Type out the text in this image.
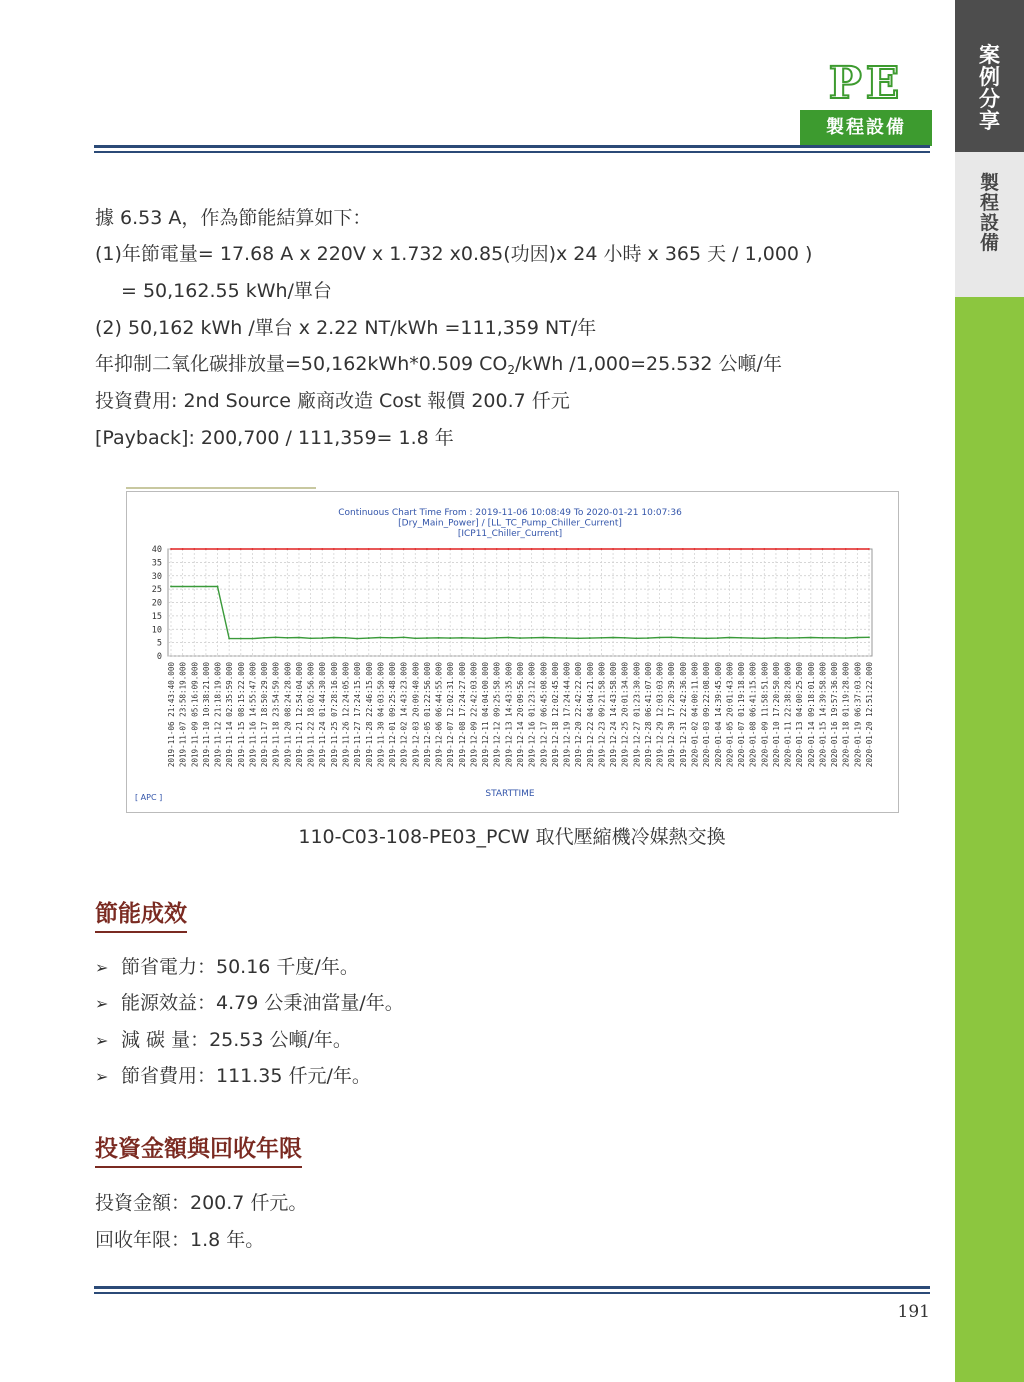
案
例
分
享
製
程
設
備
PE
製程設備
據 6.53 A，作為節能結算如下：
(1)年節電量= 17.68 A x 220V x 1.732 x0.85(功因)x 24 小時 x 365 天 / 1,000 )
= 50,162.55 kWh/單台
(2) 50,162 kWh /單台 x 2.22 NT/kWh =111,359 NT/年
年抑制二氧化碳排放量=50,162kWh*0.509 $CO_2$/kWh /1,000=25.532 公噸/年
投資費用: 2nd Source 廠商改造 Cost 報價 200.7 仟元
[Payback]: 200,700 / 111,359= 1.8 年
Continuous Chart Time From : 2019-11-06 10:08:49 To 2020-01-21 10:07:36
[Dry_Main_Power] / [LL_TC_Pump_Chiller_Current]
[ICP11_Chiller_Current]
0
5
10
15
20
25
30
35
40
2019-11-06 21:43:40.000 2019-11-07 23:58:19.000 2019-11-09 05:16:09.000 2019-11-10 10:38:21.000 2019-11-12 21:18:19.000 2019-11-14 02:35:59.000 2019-11-15 08:15:22.000 2019-11-16 14:55:47.000 2019-11-17 18:50:29.000 2019-11-18 23:54:59.000 2019-11-20 08:24:28.000 2019-11-21 12:54:04.000 2019-11-22 18:02:56.000 2019-11-24 01:44:30.000 2019-11-25 07:28:16.000 2019-11-26 12:24:05.000 2019-11-27 17:24:15.000 2019-11-28 22:46:15.000 2019-11-30 04:03:50.000 2019-12-01 09:25:48.000 2019-12-02 14:43:23.000 2019-12-03 20:09:40.000 2019-12-05 01:22:56.000 2019-12-06 06:44:55.000 2019-12-07 12:02:31.000 2019-12-08 17:24:27.000 2019-12-09 22:42:03.000 2019-12-11 04:04:00.000 2019-12-12 09:25:58.000 2019-12-13 14:43:35.000 2019-12-14 20:09:56.000 2019-12-16 01:23:12.000 2019-12-17 06:45:08.000 2019-12-18 12:02:45.000 2019-12-19 17:24:44.000 2019-12-20 22:42:22.000 2019-12-22 04:04:21.000 2019-12-23 09:21:58.000 2019-12-24 14:43:58.000 2019-12-25 20:01:34.000 2019-12-27 01:23:30.000 2019-12-28 06:41:07.000 2019-12-29 12:03:03.000 2019-12-30 17:20:39.000 2019-12-31 22:42:36.000 2020-01-02 04:00:11.000 2020-01-03 09:22:08.000 2020-01-04 14:39:45.000 2020-01-05 20:01:43.000 2020-01-07 01:19:18.000 2020-01-08 06:41:15.000 2020-01-09 11:58:51.000 2020-01-10 17:20:50.000 2020-01-11 22:38:28.000 2020-01-13 04:00:25.000 2020-01-14 09:18:01.000 2020-01-15 14:39:58.000 2020-01-16 19:57:36.000 2020-01-18 01:19:28.000 2020-01-19 06:37:03.000 2020-01-20 12:51:22.000
STARTTIME
[ APC ]
110-C03-108-PE03_PCW 取代壓縮機冷媒熱交換
節能成效
➢ 節省電力：50.16 千度/年。
➢ 能源效益：4.79 公秉油當量/年。
➢ 減 碳 量：25.53 公噸/年。
➢ 節省費用：111.35 仟元/年。
投資金額與回收年限
投資金額：200.7 仟元。
回收年限：1.8 年。
191
